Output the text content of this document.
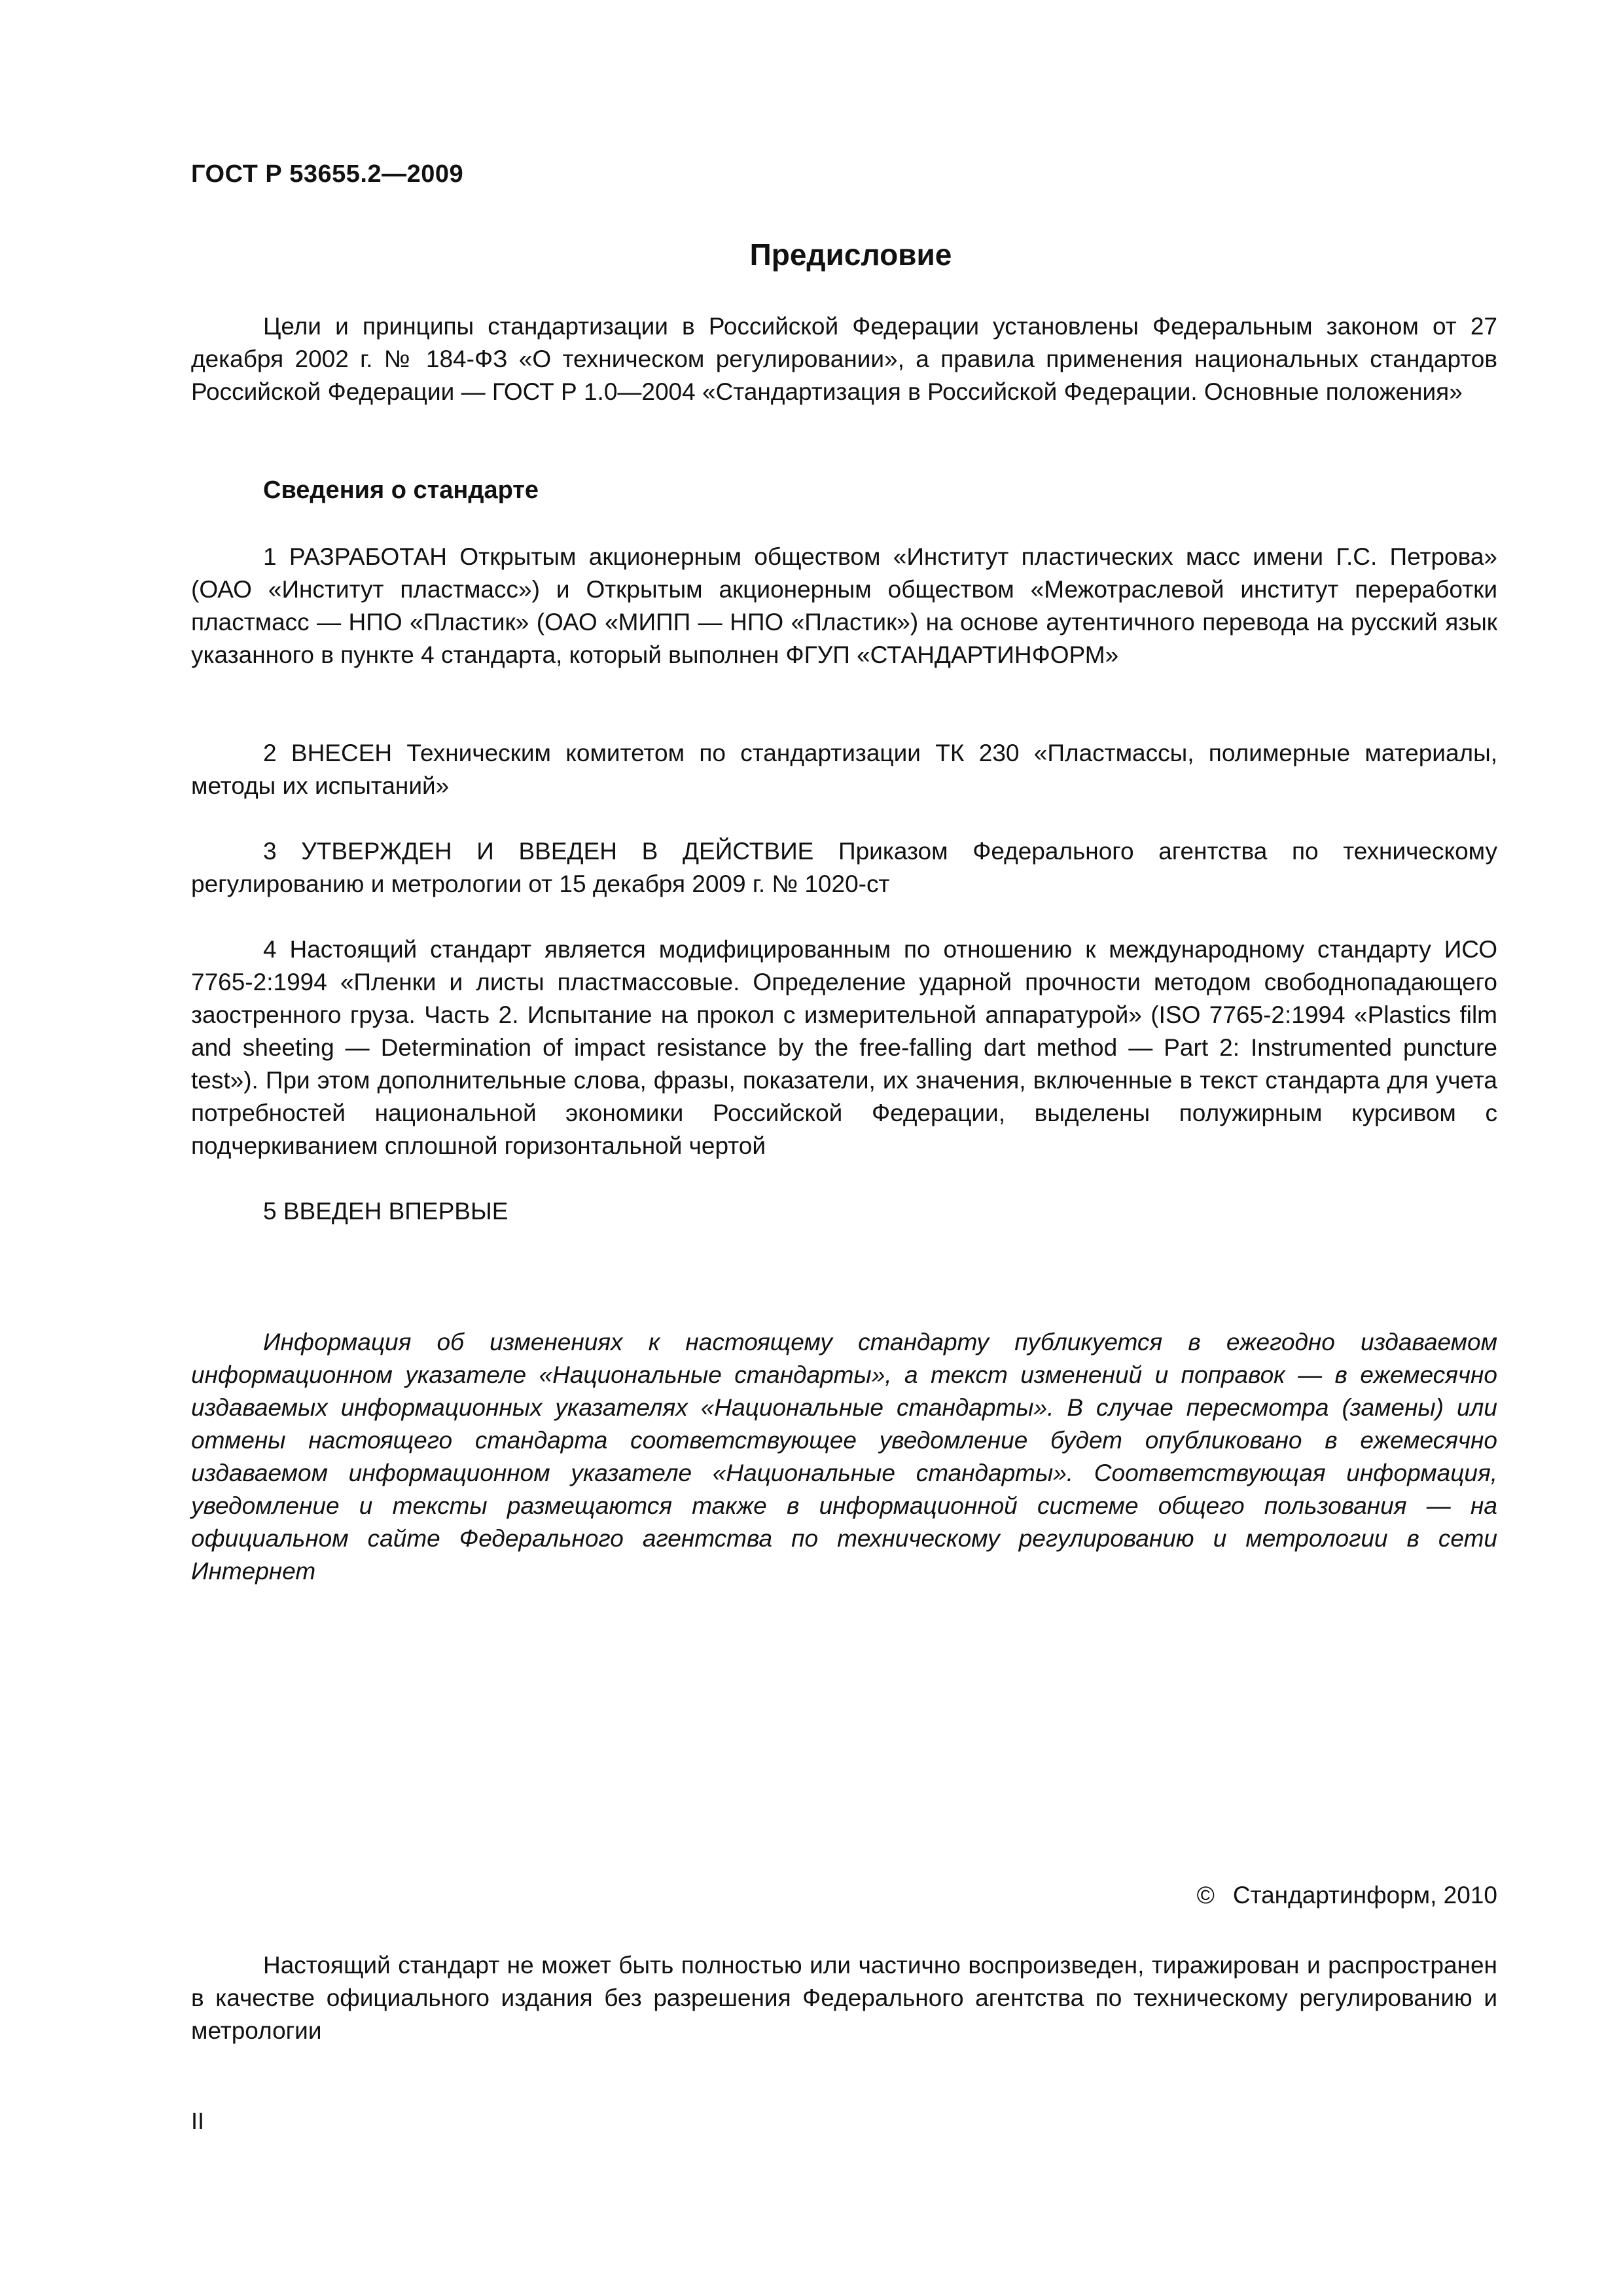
ГОСТ Р 53655.2—2009
Предисловие

Цели и принципы стандартизации в Российской Федерации установлены Федеральным законом от 27 декабря 2002 г. № 184-ФЗ «О техническом регулировании», а правила применения национальных стандартов Российской Федерации — ГОСТ Р 1.0—2004 «Стандартизация в Российской Федерации. Основные положения»

Сведения о стандарте

1 РАЗРАБОТАН Открытым акционерным обществом «Институт пластических масс имени Г.С. Петрова» (ОАО «Институт пластмасс») и Открытым акционерным обществом «Межотраслевой институт переработки пластмасс — НПО «Пластик» (ОАО «МИПП — НПО «Пластик») на основе аутентичного перевода на русский язык указанного в пункте 4 стандарта, который выполнен ФГУП «СТАНДАРТИНФОРМ»

2 ВНЕСЕН Техническим комитетом по стандартизации ТК 230 «Пластмассы, полимерные материалы, методы их испытаний»

3 УТВЕРЖДЕН И ВВЕДЕН В ДЕЙСТВИЕ Приказом Федерального агентства по техническому регулированию и метрологии от 15 декабря 2009 г. № 1020-ст

4 Настоящий стандарт является модифицированным по отношению к международному стандарту ИСО 7765-2:1994 «Пленки и листы пластмассовые. Определение ударной прочности методом свободнопадающего заостренного груза. Часть 2. Испытание на прокол с измерительной аппаратурой» (ISO 7765-2:1994 «Plastics film and sheeting — Determination of impact resistance by the free-falling dart method — Part 2: Instrumented puncture test»). При этом дополнительные слова, фразы, показатели, их значения, включенные в текст стандарта для учета потребностей национальной экономики Российской Федерации, выделены полужирным курсивом с подчеркиванием сплошной горизонтальной чертой

5 ВВЕДЕН ВПЕРВЫЕ

Информация об изменениях к настоящему стандарту публикуется в ежегодно издаваемом информационном указателе «Национальные стандарты», а текст изменений и поправок — в ежемесячно издаваемых информационных указателях «Национальные стандарты». В случае пересмотра (замены) или отмены настоящего стандарта соответствующее уведомление будет опубликовано в ежемесячно издаваемом информационном указателе «Национальные стандарты». Соответствующая информация, уведомление и тексты размещаются также в информационной системе общего пользования — на официальном сайте Федерального агентства по техническому регулированию и метрологии в сети Интернет

© Стандартинформ, 2010

Настоящий стандарт не может быть полностью или частично воспроизведен, тиражирован и распространен в качестве официального издания без разрешения Федерального агентства по техническому регулированию и метрологии

II
